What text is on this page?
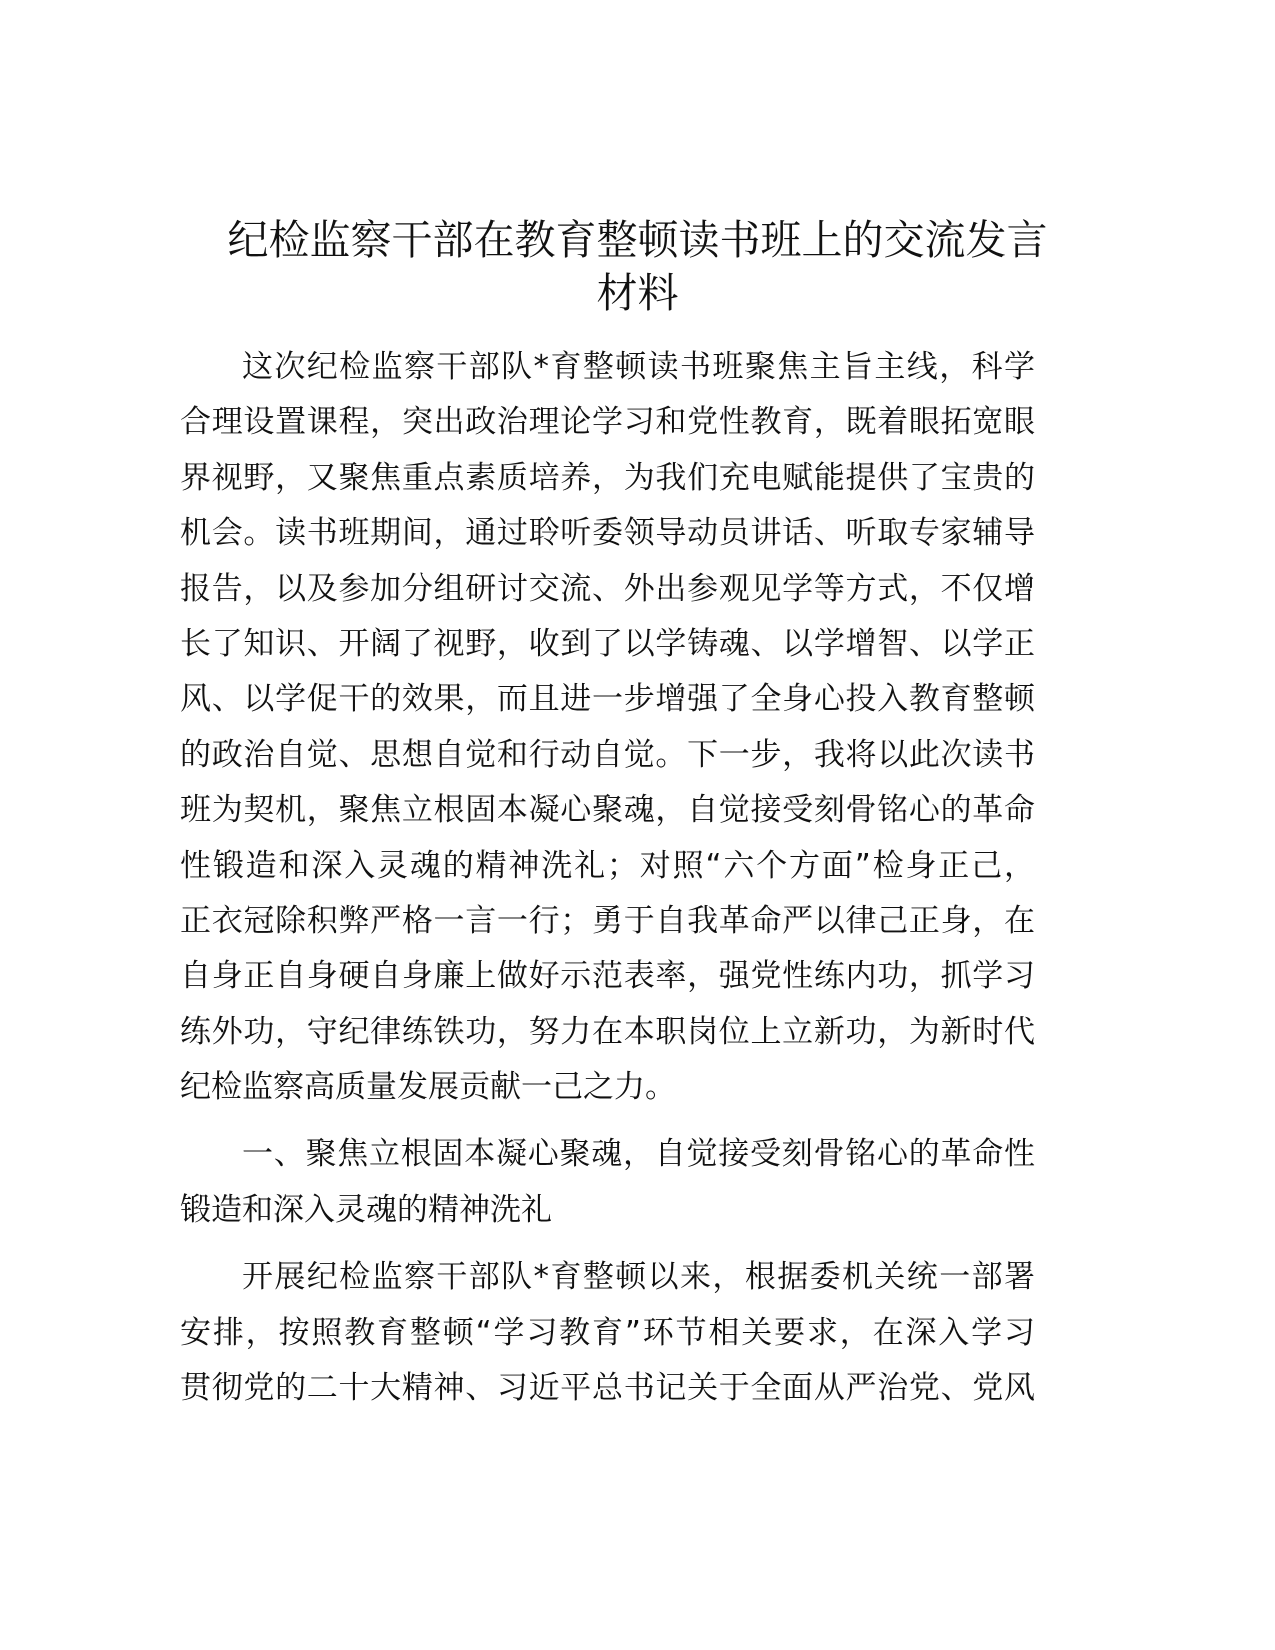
纪检监察干部在教育整顿读书班上的交流发言
材料
这次纪检监察干部队*育整顿读书班聚焦主旨主线，科学
合理设置课程，突出政治理论学习和党性教育，既着眼拓宽眼
界视野，又聚焦重点素质培养，为我们充电赋能提供了宝贵的
机会。读书班期间，通过聆听委领导动员讲话、听取专家辅导
报告，以及参加分组研讨交流、外出参观见学等方式，不仅增
长了知识、开阔了视野，收到了以学铸魂、以学增智、以学正
风、以学促干的效果，而且进一步增强了全身心投入教育整顿
的政治自觉、思想自觉和行动自觉。下一步，我将以此次读书
班为契机，聚焦立根固本凝心聚魂，自觉接受刻骨铭心的革命
性锻造和深入灵魂的精神洗礼；对照“六个方面”检身正己，
正衣冠除积弊严格一言一行；勇于自我革命严以律己正身，在
自身正自身硬自身廉上做好示范表率，强党性练内功，抓学习
练外功，守纪律练铁功，努力在本职岗位上立新功，为新时代
纪检监察高质量发展贡献一己之力。
一、聚焦立根固本凝心聚魂，自觉接受刻骨铭心的革命性
锻造和深入灵魂的精神洗礼
开展纪检监察干部队*育整顿以来，根据委机关统一部署
安排，按照教育整顿“学习教育”环节相关要求，在深入学习
贯彻党的二十大精神、习近平总书记关于全面从严治党、党风
